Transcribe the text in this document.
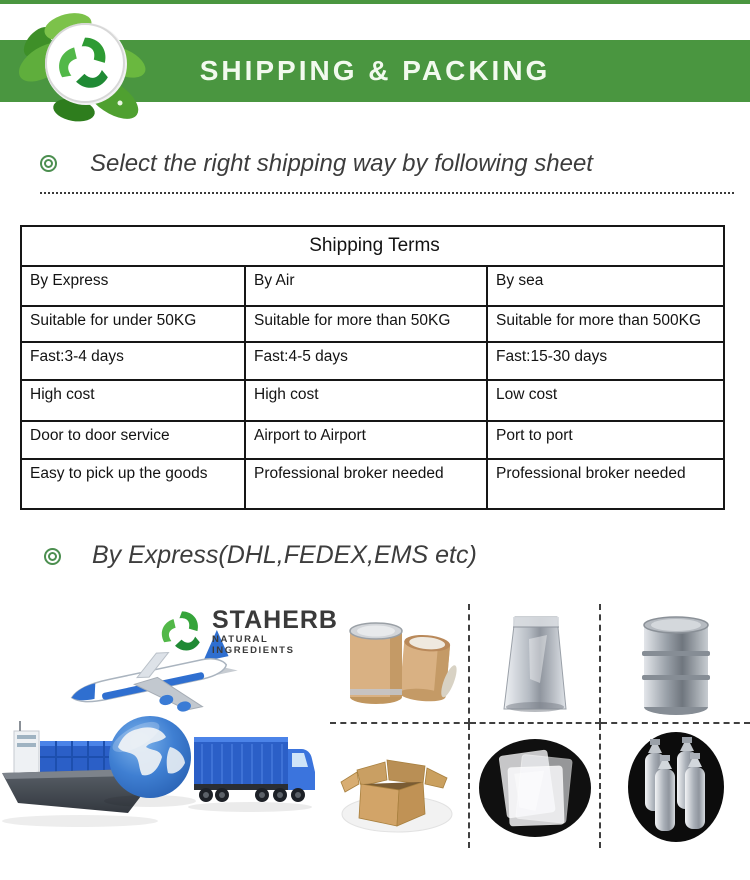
SHIPPING & PACKING
Select the right shipping way by following sheet
Shipping Terms		
By Express	By Air	By sea
Suitable for under 50KG	Suitable for more than 50KG	Suitable for more than 500KG
Fast:3-4 days	Fast:4-5 days	Fast:15-30 days
High cost	High cost	Low cost
Door to door service	Airport to Airport	Port to port
Easy to pick up the goods	Professional broker needed	Professional broker needed
By Express(DHL,FEDEX,EMS etc)
STAHERB
NATURAL INGREDIENTS
